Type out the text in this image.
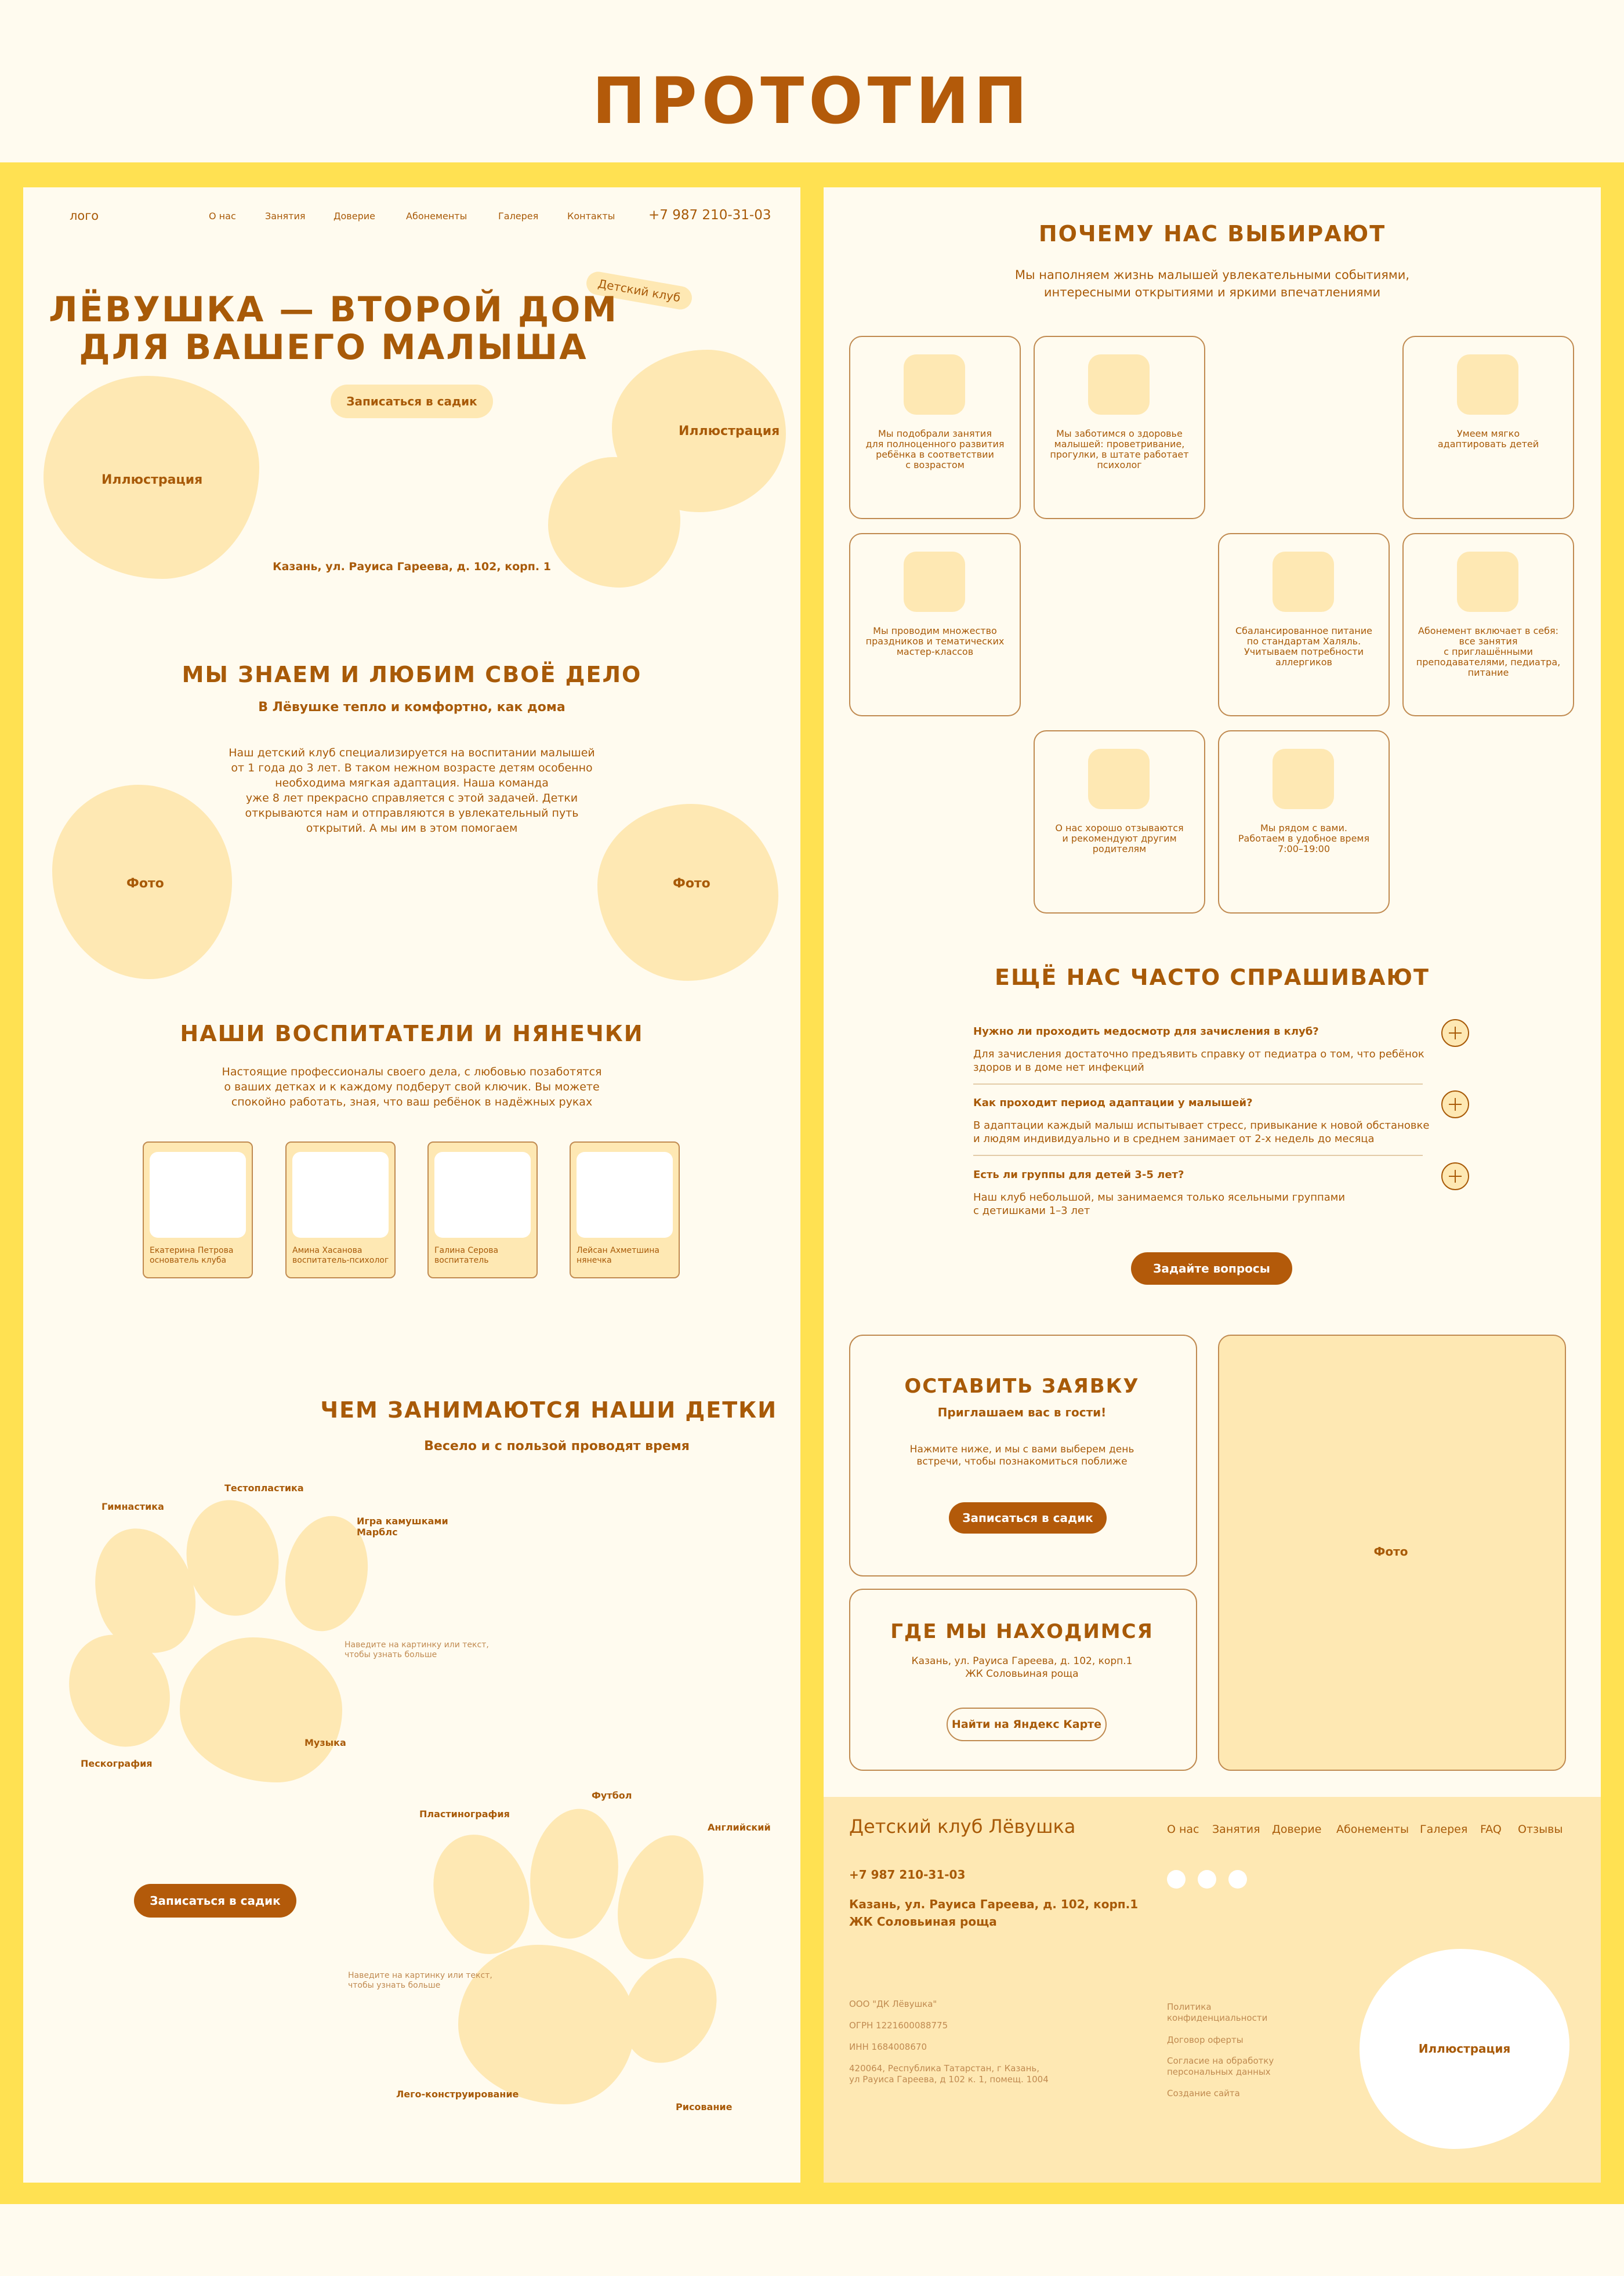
ПРОТОТИП
лого	О нас	Занятия	Доверие	Абонементы	Галерея	Контакты	+7 987 210-31-03
Иллюстрация
Иллюстрация
Детский клуб
ЛЁВУШКА — ВТОРОЙ ДОМ
ДЛЯ ВАШЕГО МАЛЫША
Записаться в садик
Казань, ул. Рауиса Гареева, д. 102, корп. 1
МЫ ЗНАЕМ И ЛЮБИМ СВОЁ ДЕЛО
В Лёвушке тепло и комфортно, как дома
Наш детский клуб специализируется на воспитании малышей
от 1 года до 3 лет. В таком нежном возрасте детям особенно
необходима мягкая адаптация. Наша команда
уже 8 лет прекрасно справляется с этой задачей. Детки
открываются нам и отправляются в увлекательный путь
открытий. А мы им в этом помогаем
Фото	Фото
НАШИ ВОСПИТАТЕЛИ И НЯНЕЧКИ
Настоящие профессионалы своего дела, с любовью позаботятся
о ваших детках и к каждому подберут свой ключик. Вы можете
спокойно работать, зная, что ваш ребёнок в надёжных руках
Екатерина Петрова
основатель клуба
Амина Хасанова
воспитатель-психолог
Галина Серова
воспитатель
Лейсан Ахметшина
нянечка
ЧЕМ ЗАНИМАЮТСЯ НАШИ ДЕТКИ
Весело и с пользой проводят время
Гимнастика
Тестопластика
Игра камушками
Марблс
Пескография
Музыка
Наведите на картинку или текст,
чтобы узнать больше
Пластинография
Футбол
Английский
Лего-конструирование
Рисование
Наведите на картинку или текст,
чтобы узнать больше
Записаться в садик
ПОЧЕМУ НАС ВЫБИРАЮТ
Мы наполняем жизнь малышей увлекательными событиями,
интересными открытиями и яркими впечатлениями
Мы подобрали занятия
для полноценного развития
ребёнка в соответствии
с возрастом
Мы заботимся о здоровье
малышей: проветривание,
прогулки, в штате работает
психолог
Умеем мягко
адаптировать детей
Мы проводим множество
праздников и тематических
мастер-классов
Сбалансированное питание
по стандартам Халяль.
Учитываем потребности
аллергиков
Абонемент включает в себя:
все занятия
с приглашёнными
преподавателями, педиатра,
питание
О нас хорошо отзываются
и рекомендуют другим
родителям
Мы рядом с вами.
Работаем в удобное время
7:00–19:00
ЕЩЁ НАС ЧАСТО СПРАШИВАЮТ
Нужно ли проходить медосмотр для зачисления в клуб?
Для зачисления достаточно предъявить справку от педиатра о том, что ребёнок
здоров и в доме нет инфекций
Как проходит период адаптации у малышей?
В адаптации каждый малыш испытывает стресс, привыкание к новой обстановке
и людям индивидуально и в среднем занимает от 2-х недель до месяца
Есть ли группы для детей 3-5 лет?
Наш клуб небольшой, мы занимаемся только ясельными группами
с детишками 1–3 лет
Задайте вопросы
ОСТАВИТЬ ЗАЯВКУ
Приглашаем вас в гости!
Нажмите ниже, и мы с вами выберем день
встречи, чтобы познакомиться поближе
Записаться в садик
ГДЕ МЫ НАХОДИМСЯ
Казань, ул. Рауиса Гареева, д. 102, корп.1
ЖК Соловьиная роща
Найти на Яндекс Карте
Фото
Детский клуб Лёвушка	О нас Занятия Доверие Абонементы Галерея FAQ Отзывы
+7 987 210-31-03
Казань, ул. Рауиса Гареева, д. 102, корп.1
ЖК Соловьиная роща
ООО "ДК Лёвушка"
ОГРН 1221600088775
ИНН 1684008670
420064, Республика Татарстан, г Казань,
ул Рауиса Гареева, д 102 к. 1, помещ. 1004
Политика
конфиденциальности
Договор оферты
Согласие на обработку
персональных данных
Создание сайта
Иллюстрация
